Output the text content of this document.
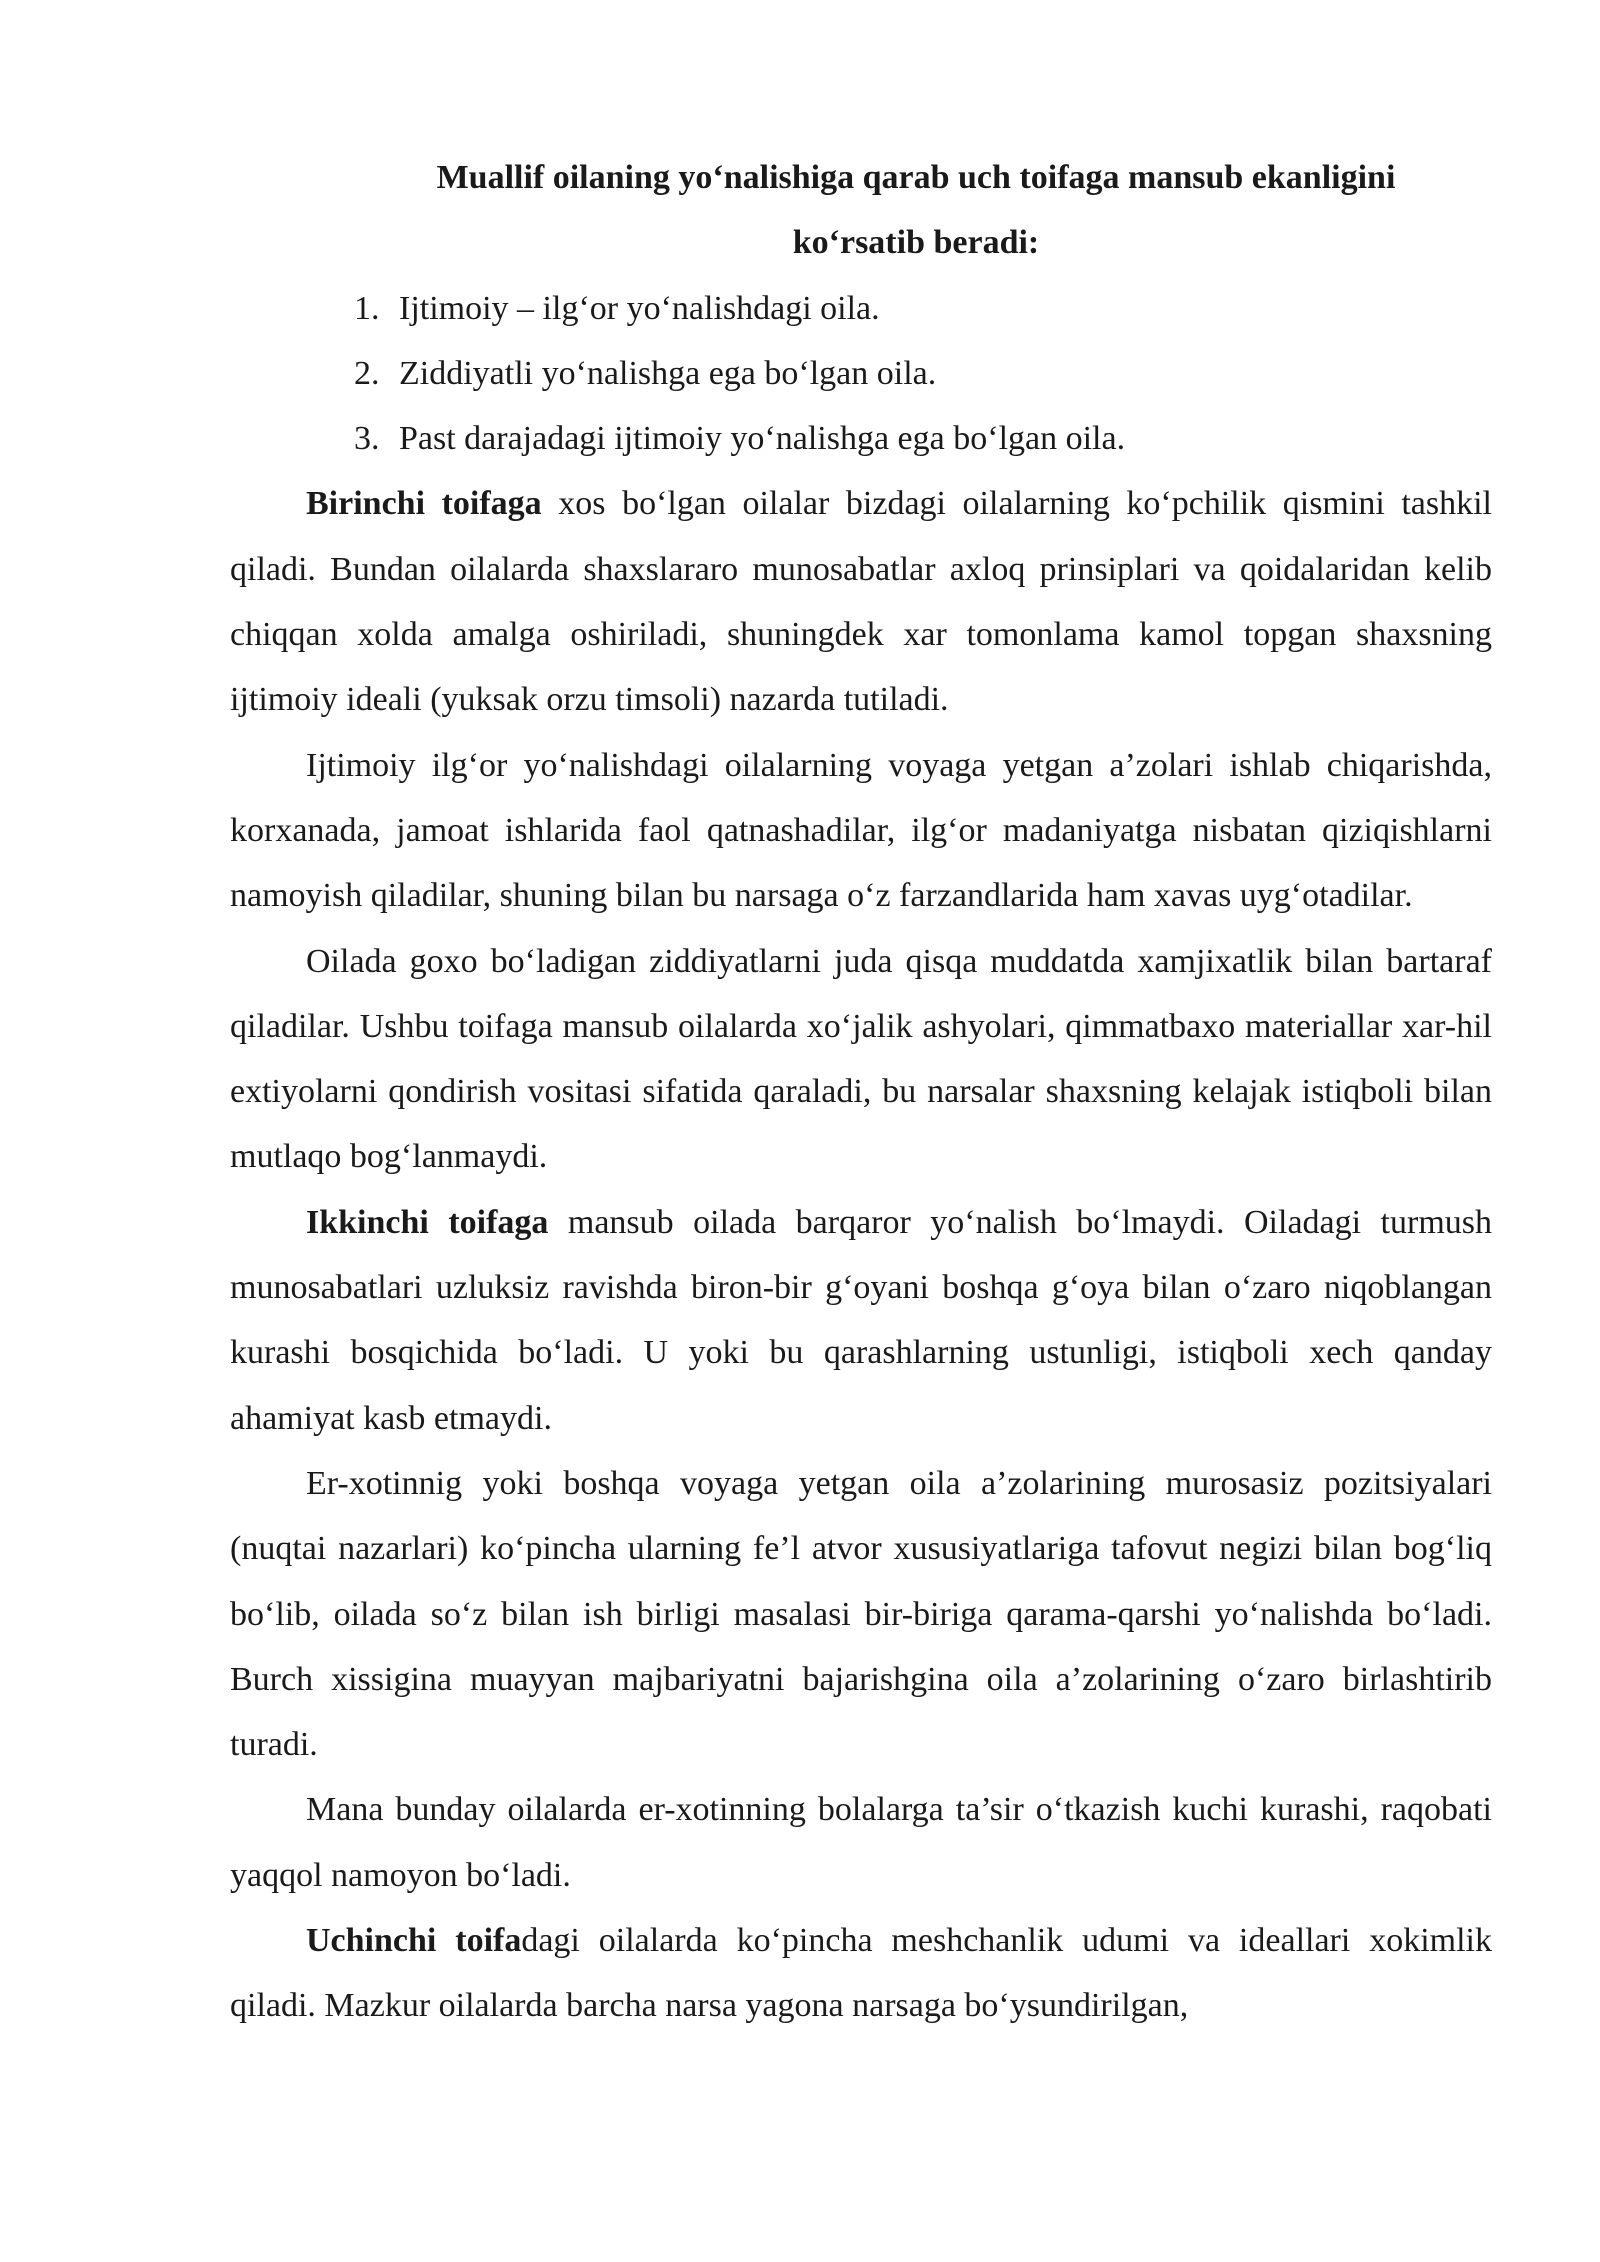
Muallif oilaning yo‘nalishiga qarab uch toifaga mansub ekanligini
ko‘rsatib beradi:

1. Ijtimoiy – ilg‘or yo‘nalishdagi oila.
2. Ziddiyatli yo‘nalishga ega bo‘lgan oila.
3. Past darajadagi ijtimoiy yo‘nalishga ega bo‘lgan oila.

Birinchi toifaga xos bo‘lgan oilalar bizdagi oilalarning ko‘pchilik qismini tashkil qiladi. Bundan oilalarda shaxslararo munosabatlar axloq prinsiplari va qoidalaridan kelib chiqqan xolda amalga oshiriladi, shuningdek xar tomonlama kamol topgan shaxsning ijtimoiy ideali (yuksak orzu timsoli) nazarda tutiladi.

Ijtimoiy ilg‘or yo‘nalishdagi oilalarning voyaga yetgan a’zolari ishlab chiqarishda, korxanada, jamoat ishlarida faol qatnashadilar, ilg‘or madaniyatga nisbatan qiziqishlarni namoyish qiladilar, shuning bilan bu narsaga o‘z farzandlarida ham xavas uyg‘otadilar.

Oilada goxo bo‘ladigan ziddiyatlarni juda qisqa muddatda xamjixatlik bilan bartaraf qiladilar. Ushbu toifaga mansub oilalarda xo‘jalik ashyolari, qimmatbaxo materiallar xar-hil extiyolarni qondirish vositasi sifatida qaraladi, bu narsalar shaxsning kelajak istiqboli bilan mutlaqo bog‘lanmaydi.

Ikkinchi toifaga mansub oilada barqaror yo‘nalish bo‘lmaydi. Oiladagi turmush munosabatlari uzluksiz ravishda biron-bir g‘oyani boshqa g‘oya bilan o‘zaro niqoblangan kurashi bosqichida bo‘ladi. U yoki bu qarashlarning ustunligi, istiqboli xech qanday ahamiyat kasb etmaydi.

Er-xotinnig yoki boshqa voyaga yetgan oila a’zolarining murosasiz pozitsiyalari (nuqtai nazarlari) ko‘pincha ularning fe’l atvor xususiyatlariga tafovut negizi bilan bog‘liq bo‘lib, oilada so‘z bilan ish birligi masalasi bir-biriga qarama-qarshi yo‘nalishda bo‘ladi. Burch xissigina muayyan majbariyatni bajarishgina oila a’zolarining o‘zaro birlashtirib turadi.

Mana bunday oilalarda er-xotinning bolalarga ta’sir o‘tkazish kuchi kurashi, raqobati yaqqol namoyon bo‘ladi.

Uchinchi toifadagi oilalarda ko‘pincha meshchanlik udumi va ideallari xokimlik qiladi. Mazkur oilalarda barcha narsa yagona narsaga bo‘ysundirilgan,
